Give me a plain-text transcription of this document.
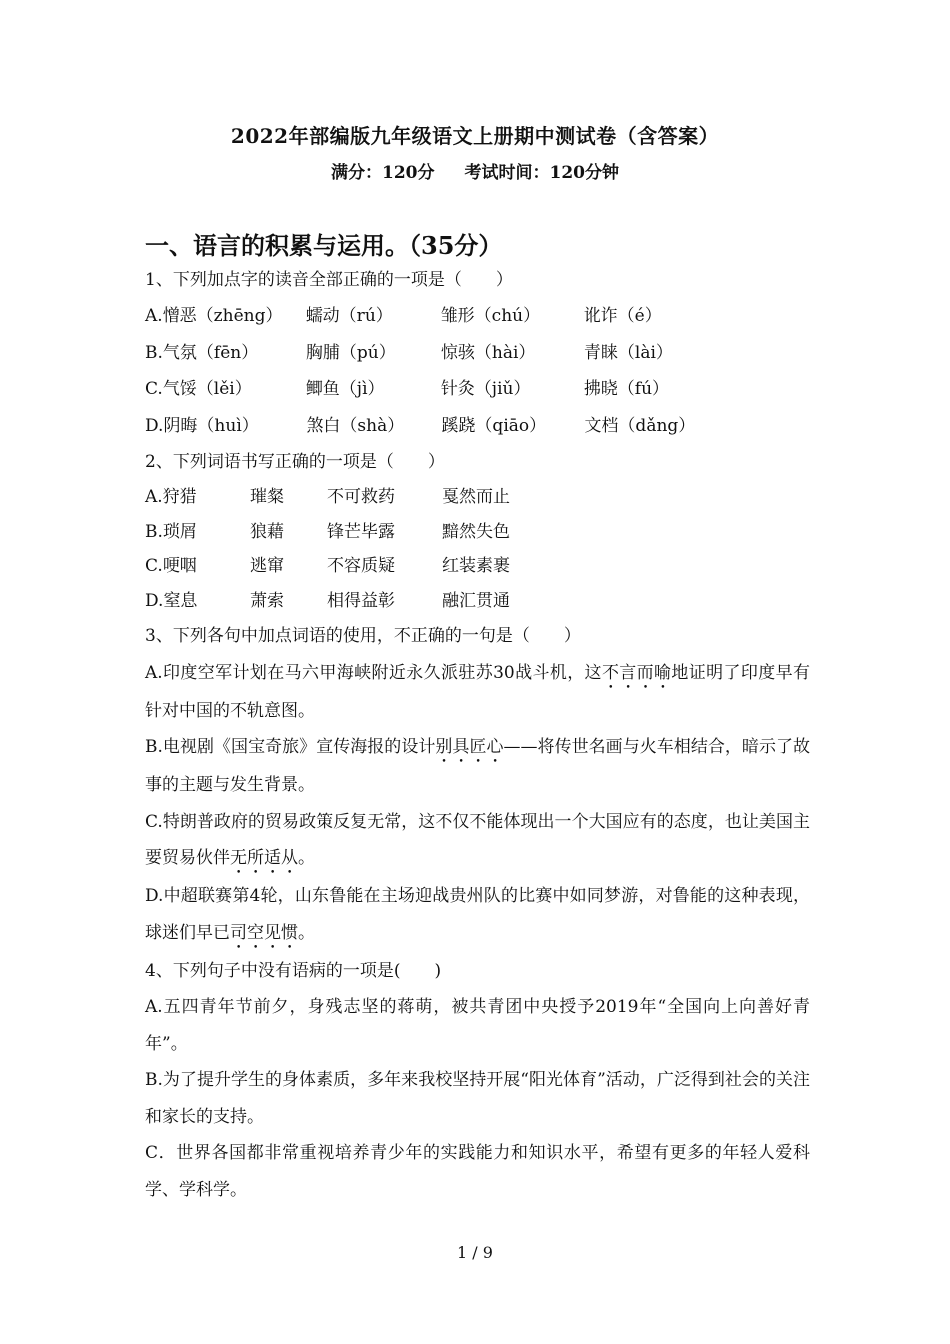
2022年部编版九年级语文上册期中测试卷（含答案）
满分：120分 考试时间：120分钟
一、语言的积累与运用。（35分）
1、下列加点字的读音全部正确的一项是（　　）
A.憎恶（zhēng） 蠕动（rú）	雏形（chú）	讹诈（é）
B.气氛（fēn）	胸脯（pú）	惊骇（hài）	青睐（lài）
C.气馁（lěi）	鲫鱼（jì）	针灸（jiǔ）	拂晓（fú）
D.阴晦（huì）	煞白（shà） 蹊跷（qiāo） 文档（dǎng）
2、下列词语书写正确的一项是（　　）
A.狩猎	璀粲	不可救药	戛然而止
B.琐屑	狼藉	锋芒毕露	黯然失色
C.哽咽	逃窜	不容质疑	红装素裹
D.窒息	萧索	相得益彰	融汇贯通
3、下列各句中加点词语的使用，不正确的一句是（　　）
A.印度空军计划在马六甲海峡附近永久派驻苏30战斗机，这不言而喻地证明了印度早有针对中国的不轨意图。
B.电视剧《国宝奇旅》宣传海报的设计别具匠心——将传世名画与火车相结合，暗示了故事的主题与发生背景。
C.特朗普政府的贸易政策反复无常，这不仅不能体现出一个大国应有的态度，也让美国主要贸易伙伴无所适从。
D.中超联赛第4轮，山东鲁能在主场迎战贵州队的比赛中如同梦游，对鲁能的这种表现，球迷们早已司空见惯。
4、下列句子中没有语病的一项是(　　)
A.五四青年节前夕，身残志坚的蒋萌，被共青团中央授予2019年“全国向上向善好青年”。
B.为了提升学生的身体素质，多年来我校坚持开展“阳光体育”活动，广泛得到社会的关注和家长的支持。
C．世界各国都非常重视培养青少年的实践能力和知识水平，希望有更多的年轻人爱科学、学科学。
1 / 9
